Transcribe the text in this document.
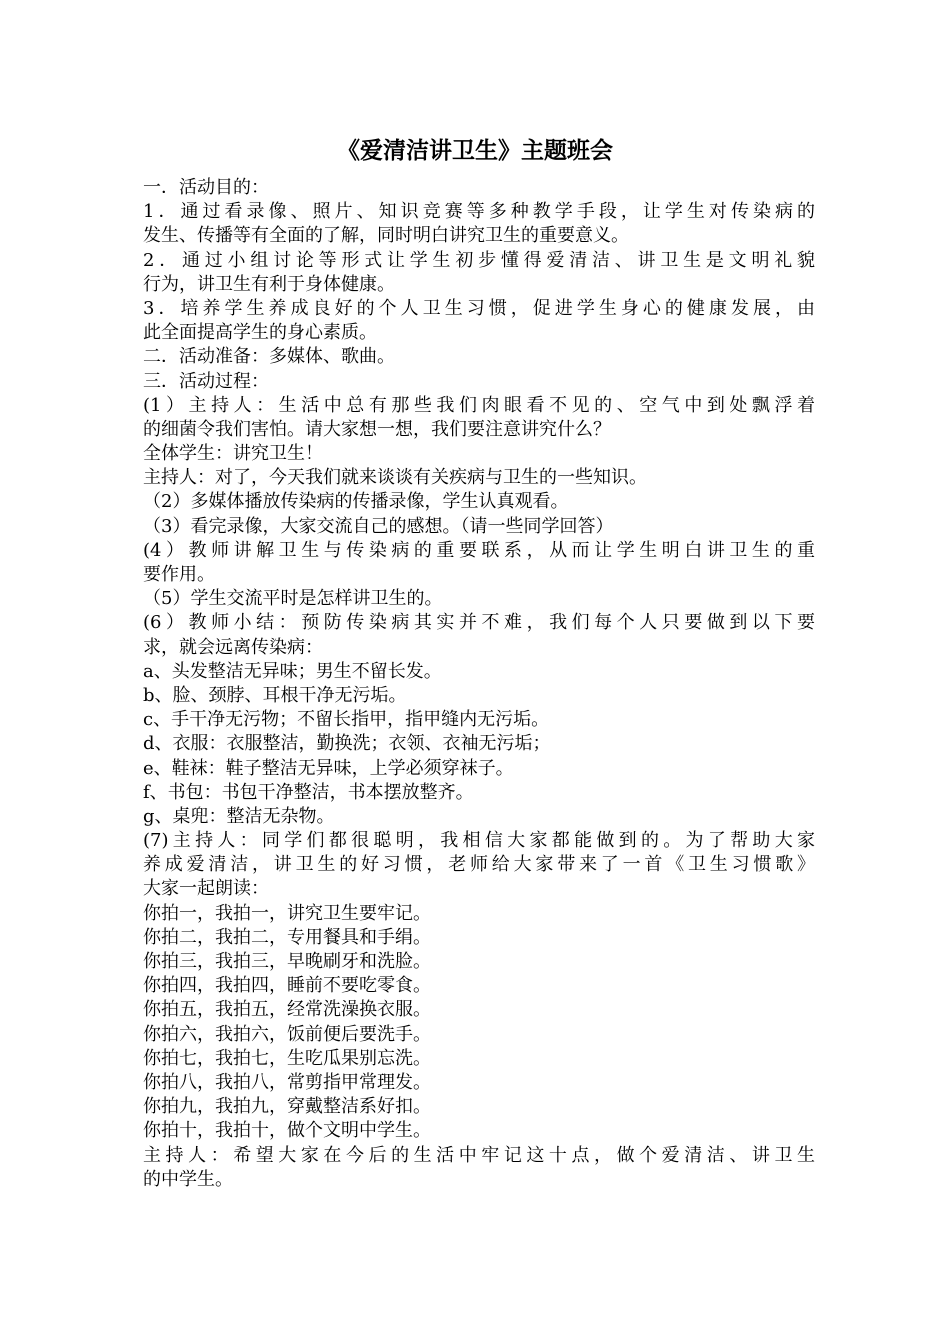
《爱清洁讲卫生》主题班会
一．活动目的：
1．通过看录像、照片、知识竞赛等多种教学手段，让学生对传染病的
发生、传播等有全面的了解，同时明白讲究卫生的重要意义。
2．通过小组讨论等形式让学生初步懂得爱清洁、讲卫生是文明礼貌
行为，讲卫生有利于身体健康。
3．培养学生养成良好的个人卫生习惯，促进学生身心的健康发展，由
此全面提高学生的身心素质。
二．活动准备：多媒体、歌曲。
三．活动过程：
(1）主持人：生活中总有那些我们肉眼看不见的、空气中到处飘浮着
的细菌令我们害怕。请大家想一想，我们要注意讲究什么？
全体学生：讲究卫生！
主持人：对了，今天我们就来谈谈有关疾病与卫生的一些知识。
（2）多媒体播放传染病的传播录像，学生认真观看。
（3）看完录像，大家交流自己的感想。（请一些同学回答）
(4）教师讲解卫生与传染病的重要联系，从而让学生明白讲卫生的重
要作用。
（5）学生交流平时是怎样讲卫生的。
(6）教师小结：预防传染病其实并不难，我们每个人只要做到以下要
求，就会远离传染病：
a、头发整洁无异味；男生不留长发。
b、脸、颈脖、耳根干净无污垢。
c、手干净无污物；不留长指甲，指甲缝内无污垢。
d、衣服：衣服整洁，勤换洗；衣领、衣袖无污垢；
e、鞋袜：鞋子整洁无异味，上学必须穿袜子。
f、书包：书包干净整洁，书本摆放整齐。
g、桌兜：整洁无杂物。
(7)主持人：同学们都很聪明，我相信大家都能做到的。为了帮助大家
养成爱清洁，讲卫生的好习惯，老师给大家带来了一首《卫生习惯歌》
大家一起朗读：
你拍一，我拍一，讲究卫生要牢记。
你拍二，我拍二，专用餐具和手绢。
你拍三，我拍三，早晚刷牙和洗脸。
你拍四，我拍四，睡前不要吃零食。
你拍五，我拍五，经常洗澡换衣服。
你拍六，我拍六，饭前便后要洗手。
你拍七，我拍七，生吃瓜果别忘洗。
你拍八，我拍八，常剪指甲常理发。
你拍九，我拍九，穿戴整洁系好扣。
你拍十，我拍十，做个文明中学生。
主持人：希望大家在今后的生活中牢记这十点，做个爱清洁、讲卫生
的中学生。
